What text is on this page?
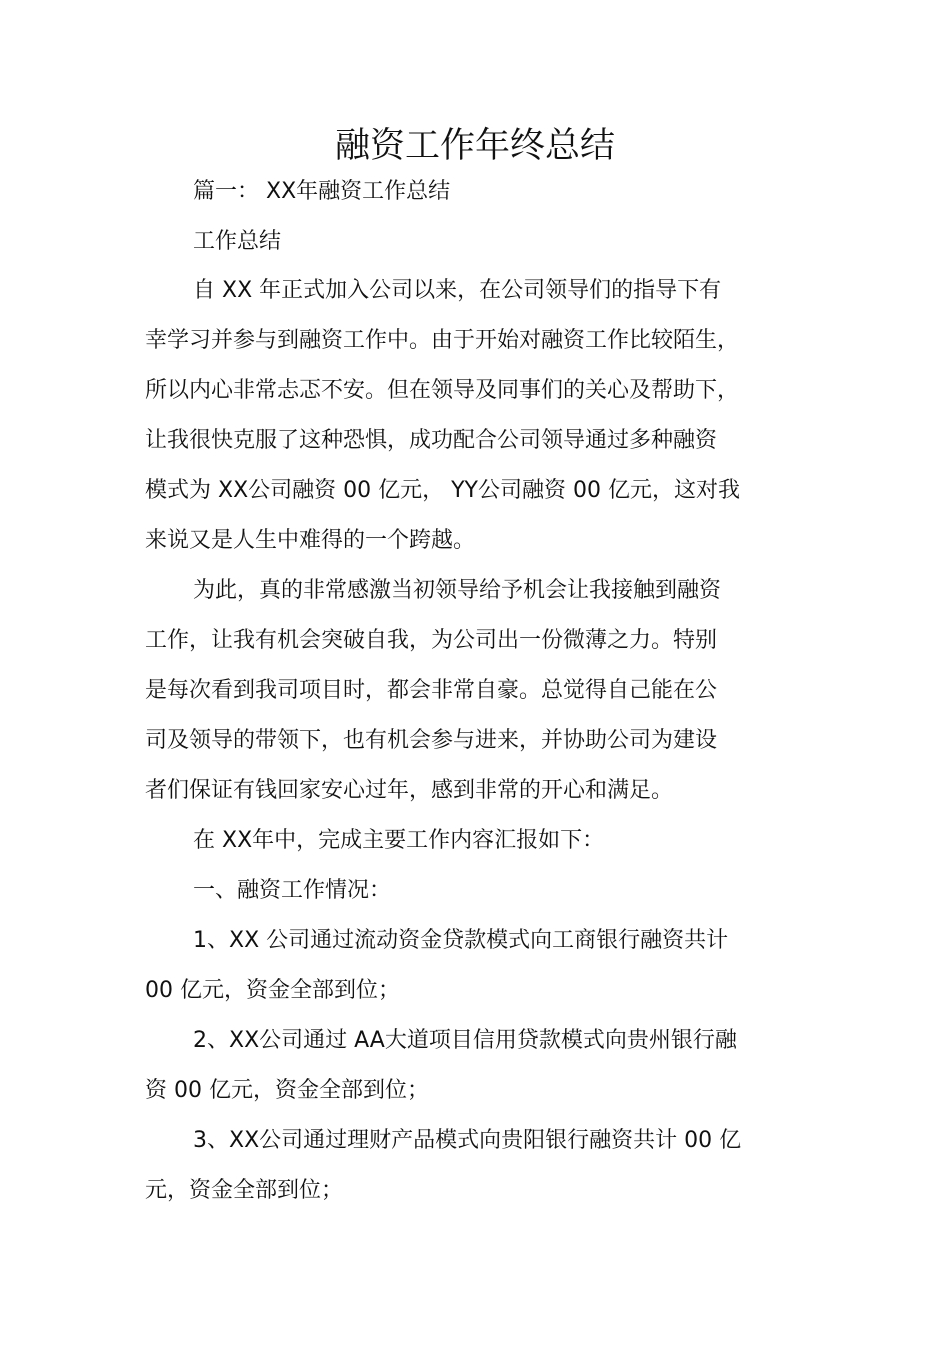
融资工作年终总结
篇一： XX年融资工作总结
工作总结
自 XX 年正式加入公司以来，在公司领导们的指导下有
幸学习并参与到融资工作中。由于开始对融资工作比较陌生，
所以内心非常忐忑不安。但在领导及同事们的关心及帮助下，
让我很快克服了这种恐惧，成功配合公司领导通过多种融资
模式为 XX公司融资 00 亿元， YY公司融资 00 亿元，这对我
来说又是人生中难得的一个跨越。
为此，真的非常感激当初领导给予机会让我接触到融资
工作，让我有机会突破自我，为公司出一份微薄之力。特别
是每次看到我司项目时，都会非常自豪。总觉得自己能在公
司及领导的带领下，也有机会参与进来，并协助公司为建设
者们保证有钱回家安心过年，感到非常的开心和满足。
在 XX年中，完成主要工作内容汇报如下：
一、融资工作情况：
1、XX 公司通过流动资金贷款模式向工商银行融资共计
00 亿元，资金全部到位；
2、XX公司通过 AA大道项目信用贷款模式向贵州银行融
资 00 亿元，资金全部到位；
3、XX公司通过理财产品模式向贵阳银行融资共计 00 亿
元，资金全部到位；
